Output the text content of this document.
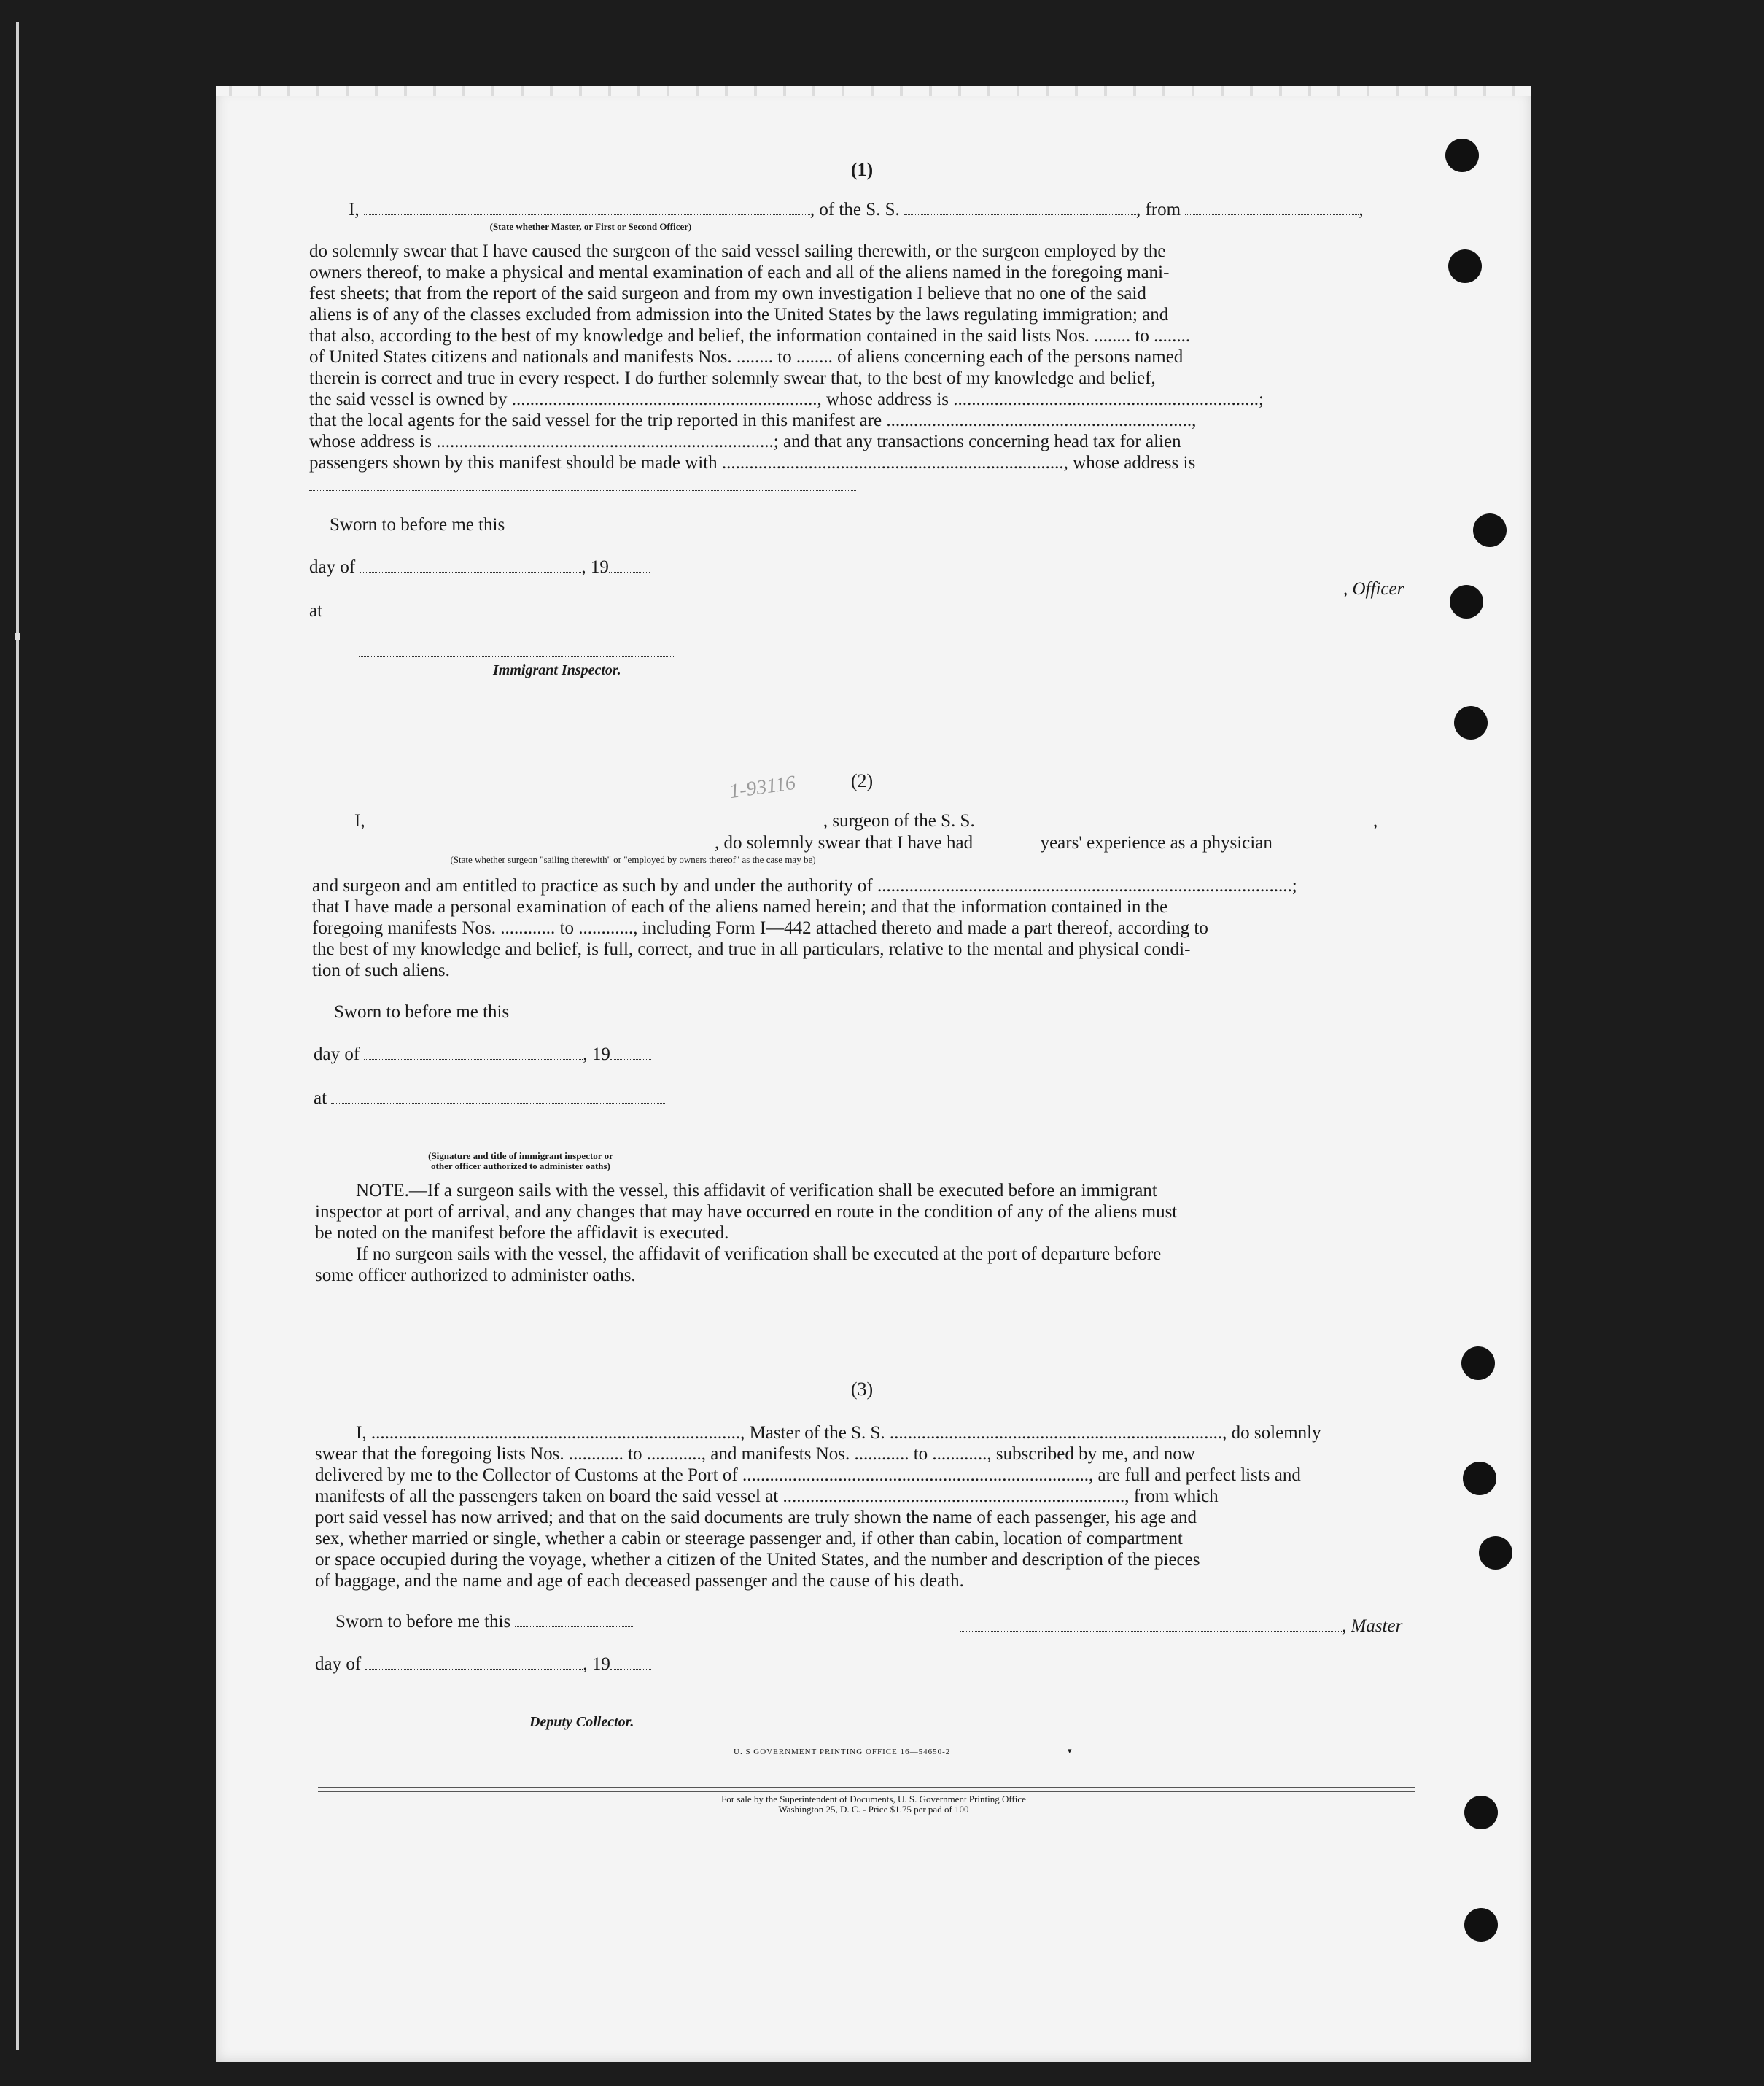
(1)
I,	, of the S. S.	, from	,
(State whether Master, or First or Second Officer)

do solemnly swear that I have caused the surgeon of the said vessel sailing therewith, or the surgeon employed by the

owners thereof, to make a physical and mental examination of each and all of the aliens named in the foregoing mani-

fest sheets; that from the report of the said surgeon and from my own investigation I believe that no one of the said

aliens is of any of the classes excluded from admission into the United States by the laws regulating immigration; and

that also, according to the best of my knowledge and belief, the information contained in the said lists Nos. ........ to ........

of United States citizens and nationals and manifests Nos. ........ to ........ of aliens concerning each of the persons named

therein is correct and true in every respect. I do further solemnly swear that, to the best of my knowledge and belief,

the said vessel is owned by ..................................................................., whose address is ...................................................................;

that the local agents for the said vessel for the trip reported in this manifest are ...................................................................,

whose address is ..........................................................................; and that any transactions concerning head tax for alien

passengers shown by this manifest should be made with ..........................................................................., whose address is

Sworn to before me this
day of	, 19
, Officer
at
Immigrant Inspector.
1-93116	(2)
I,	, surgeon of the S. S.	,
, do solemnly swear that I have had	years' experience as a physician
(State whether surgeon "sailing therewith" or "employed by owners thereof" as the case may be)

and surgeon and am entitled to practice as such by and under the authority of ...........................................................................................;

that I have made a personal examination of each of the aliens named herein; and that the information contained in the

foregoing manifests Nos. ............ to ............, including Form I—442 attached thereto and made a part thereof, according to

the best of my knowledge and belief, is full, correct, and true in all particulars, relative to the mental and physical condi-

tion of such aliens.

Sworn to before me this
day of	, 19
at
(Signature and title of immigrant inspector or
other officer authorized to administer oaths)

NOTE.—If a surgeon sails with the vessel, this affidavit of verification shall be executed before an immigrant

inspector at port of arrival, and any changes that may have occurred en route in the condition of any of the aliens must

be noted on the manifest before the affidavit is executed.

If no surgeon sails with the vessel, the affidavit of verification shall be executed at the port of departure before

some officer authorized to administer oaths.

(3)

I, ................................................................................., Master of the S. S. ........................................................................., do solemnly

swear that the foregoing lists Nos. ............ to ............, and manifests Nos. ............ to ............, subscribed by me, and now

delivered by me to the Collector of Customs at the Port of ............................................................................, are full and perfect lists and

manifests of all the passengers taken on board the said vessel at ..........................................................................., from which

port said vessel has now arrived; and that on the said documents are truly shown the name of each passenger, his age and

sex, whether married or single, whether a cabin or steerage passenger and, if other than cabin, location of compartment

or space occupied during the voyage, whether a citizen of the United States, and the number and description of the pieces

of baggage, and the name and age of each deceased passenger and the cause of his death.

Sworn to before me this	, Master
day of	, 19
Deputy Collector.
U. S GOVERNMENT PRINTING OFFICE 16—54650-2	▾
For sale by the Superintendent of Documents, U. S. Government Printing Office
Washington 25, D. C. - Price $1.75 per pad of 100
